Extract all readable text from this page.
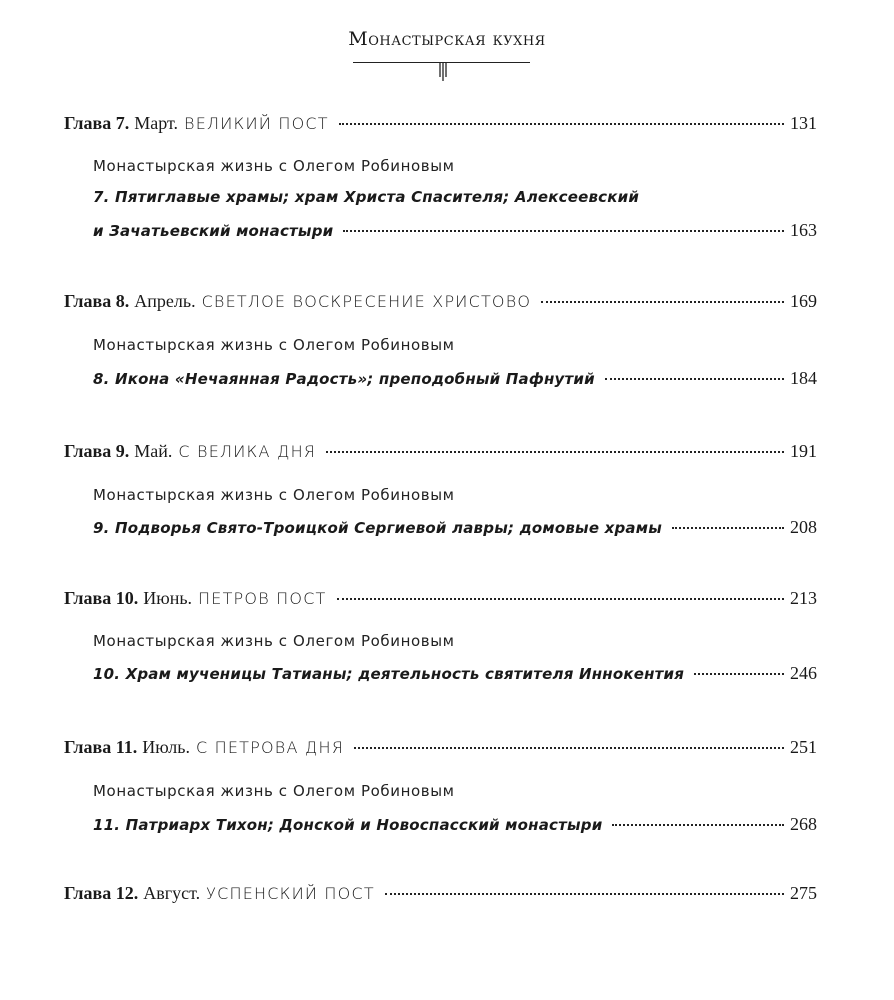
Монастырская кухня
Глава 7. Март. ВЕЛИКИЙ ПОСТ	131
Монастырская жизнь с Олегом Робиновым
7. Пятиглавые храмы; храм Христа Спасителя; Алексеевский
и Зачатьевский монастыри	163
Глава 8. Апрель. СВЕТЛОЕ ВОСКРЕСЕНИЕ ХРИСТОВО	169
Монастырская жизнь с Олегом Робиновым
8. Икона «Нечаянная Радость»; преподобный Пафнутий	184
Глава 9. Май. С ВЕЛИКА ДНЯ	191
Монастырская жизнь с Олегом Робиновым
9. Подворья Свято-Троицкой Сергиевой лавры; домовые храмы	208
Глава 10. Июнь. ПЕТРОВ ПОСТ	213
Монастырская жизнь с Олегом Робиновым
10. Храм мученицы Татианы; деятельность святителя Иннокентия	246
Глава 11. Июль. С ПЕТРОВА ДНЯ	251
Монастырская жизнь с Олегом Робиновым
11. Патриарх Тихон; Донской и Новоспасский монастыри	268
Глава 12. Август. УСПЕНСКИЙ ПОСТ	275
